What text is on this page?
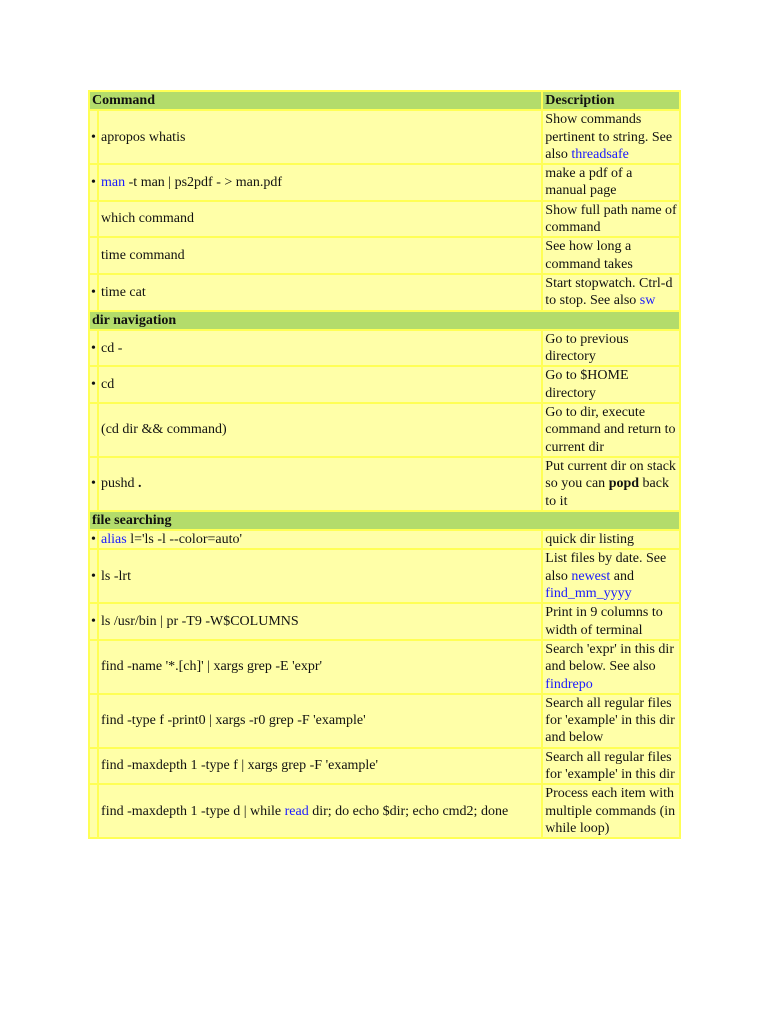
Command		Description
•	apropos whatis	Show commands pertinent to string. See also threadsafe
•	man -t man | ps2pdf - > man.pdf	make a pdf of a manual page
	which command	Show full path name of command
	time command	See how long a command takes
•	time cat	Start stopwatch. Ctrl-d to stop. See also sw
dir navigation		
•	cd -	Go to previous directory
•	cd	Go to $HOME directory
	(cd dir && command)	Go to dir, execute command and return to current dir
•	pushd .	Put current dir on stack so you can popd back to it
file searching		
•	alias l='ls -l --color=auto'	quick dir listing
•	ls -lrt	List files by date. See also newest and find_mm_yyyy
•	ls /usr/bin | pr -T9 -W$COLUMNS	Print in 9 columns to width of terminal
	find -name '*.[ch]' | xargs grep -E 'expr'	Search 'expr' in this dir and below. See also findrepo
	find -type f -print0 | xargs -r0 grep -F 'example'	Search all regular files for 'example' in this dir and below
	find -maxdepth 1 -type f | xargs grep -F 'example'	Search all regular files for 'example' in this dir
	find -maxdepth 1 -type d | while read dir; do echo $dir; echo cmd2; done	Process each item with multiple commands (in while loop)
